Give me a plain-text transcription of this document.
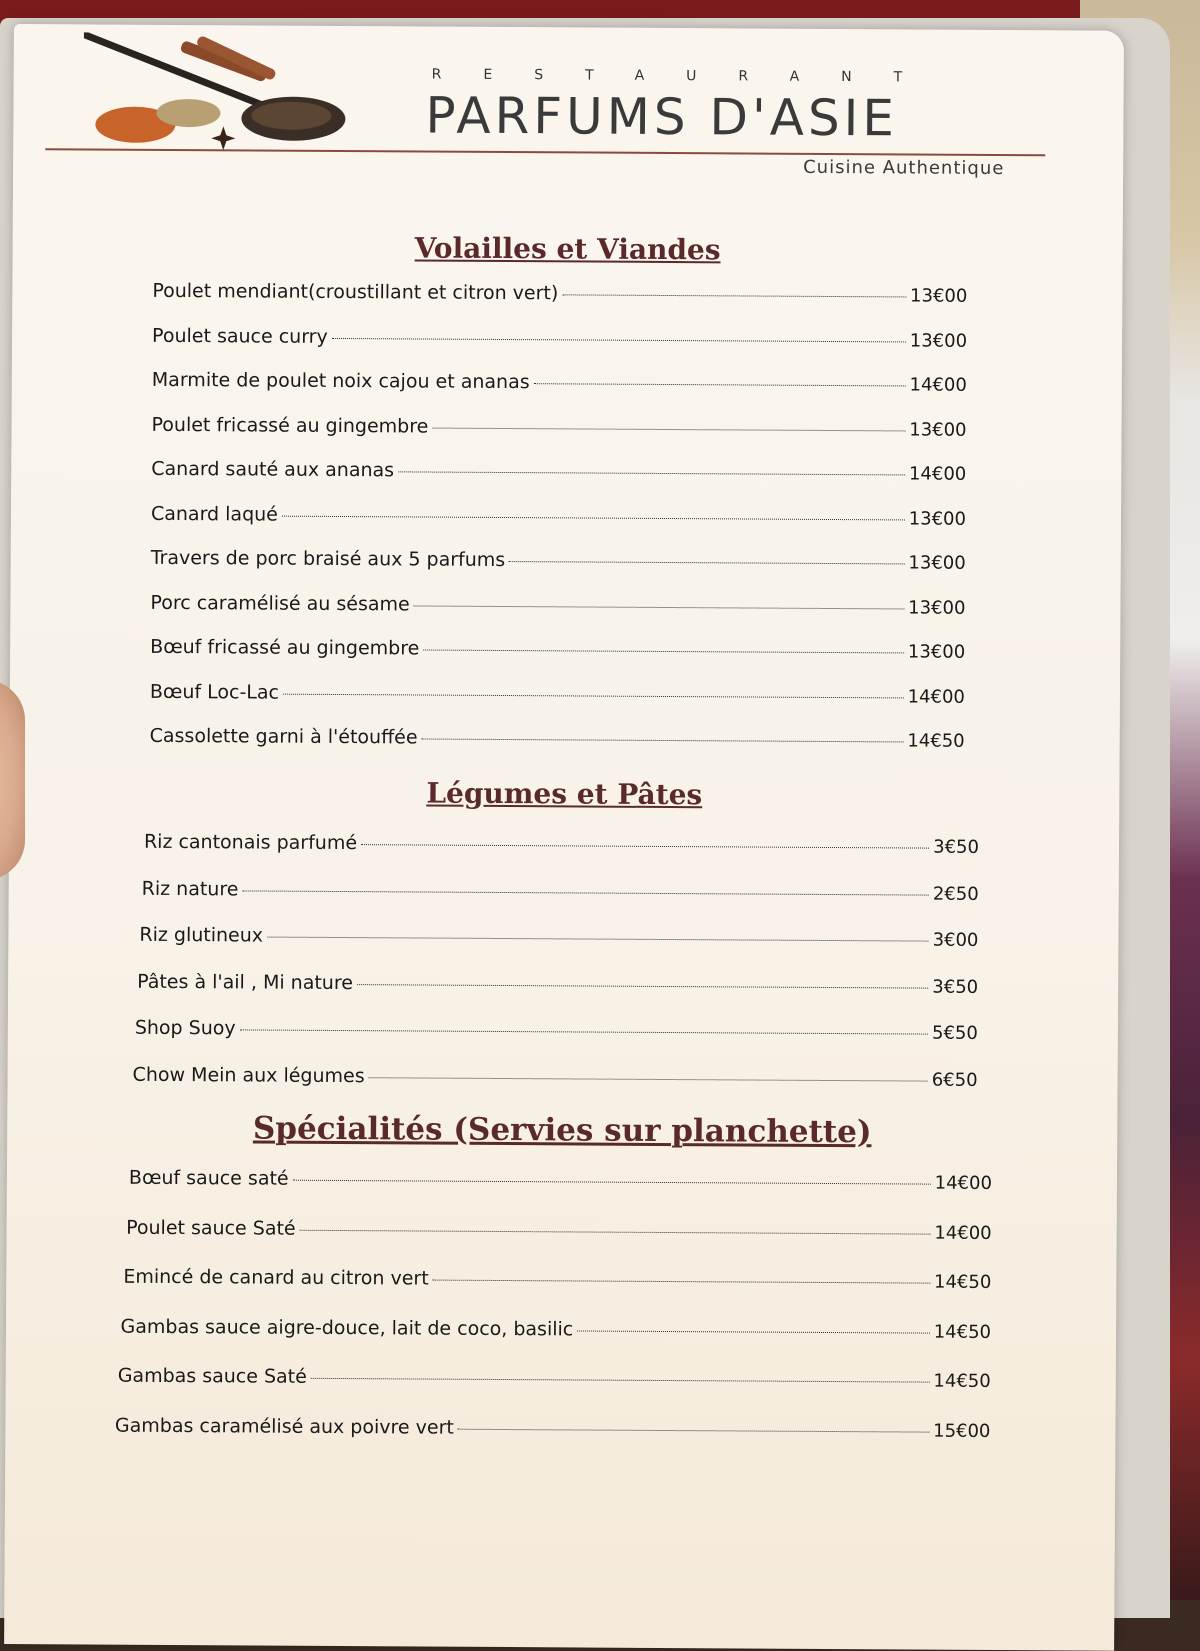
RESTAURANT
PARFUMS D'ASIE
Cuisine Authentique
Volailles et Viandes
Poulet mendiant(croustillant et citron vert)	13€00
Poulet sauce curry	13€00
Marmite de poulet noix cajou et ananas	14€00
Poulet fricassé au gingembre	13€00
Canard sauté aux ananas	14€00
Canard laqué	13€00
Travers de porc braisé aux 5 parfums	13€00
Porc caramélisé au sésame	13€00
Bœuf fricassé au gingembre	13€00
Bœuf Loc-Lac	14€00
Cassolette garni à l'étouffée	14€50
Légumes et Pâtes
Riz cantonais parfumé	3€50
Riz nature	2€50
Riz glutineux	3€00
Pâtes à l'ail , Mi nature	3€50
Shop Suoy	5€50
Chow Mein aux légumes	6€50
Spécialités (Servies sur planchette)
Bœuf sauce saté	14€00
Poulet sauce Saté	14€00
Emincé de canard au citron vert	14€50
Gambas sauce aigre-douce, lait de coco, basilic	14€50
Gambas sauce Saté	14€50
Gambas caramélisé aux poivre vert	15€00
